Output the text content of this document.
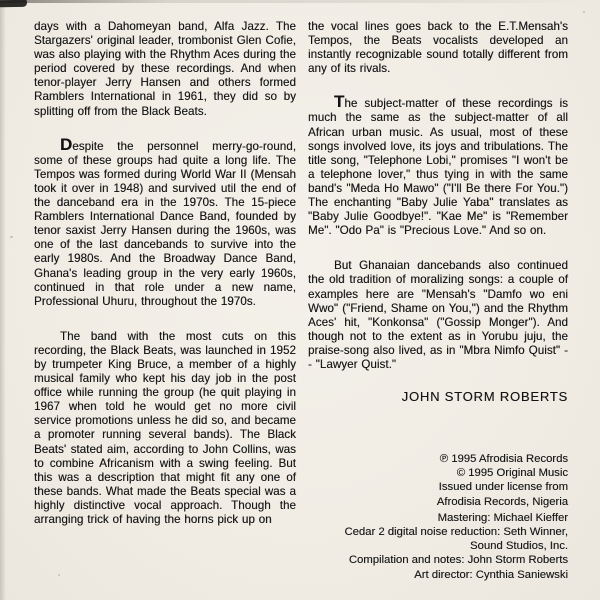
days with a Dahomeyan band, Alfa Jazz. The Stargazers' original leader, trombonist Glen Cofie, was also playing with the Rhythm Aces during the period covered by these recordings. And when tenor-player Jerry Hansen and others formed Ramblers International in 1961, they did so by splitting off from the Black Beats.

Despite the personnel merry-go-round, some of these groups had quite a long life. The Tempos was formed during World War II (Mensah took it over in 1948) and survived util the end of the danceband era in the 1970s. The 15-piece Ramblers International Dance Band, founded by tenor saxist Jerry Hansen during the 1960s, was one of the last dancebands to survive into the early 1980s. And the Broadway Dance Band, Ghana's leading group in the very early 1960s, continued in that role under a new name, Professional Uhuru, throughout the 1970s.

The band with the most cuts on this recording, the Black Beats, was launched in 1952 by trumpeter King Bruce, a member of a highly musical family who kept his day job in the post office while running the group (he quit playing in 1967 when told he would get no more civil service promotions unless he did so, and became a promoter running several bands). The Black Beats' stated aim, according to John Collins, was to combine Africanism with a swing feeling. But this was a description that might fit any one of these bands. What made the Beats special was a highly distinctive vocal approach. Though the arranging trick of having the horns pick up on

the vocal lines goes back to the E.T.Mensah's Tempos, the Beats vocalists developed an instantly recognizable sound totally different from any of its rivals.

The subject-matter of these recordings is much the same as the subject-matter of all African urban music. As usual, most of these songs involved love, its joys and tribulations. The title song, "Telephone Lobi," promises "I won't be a telephone lover," thus tying in with the same band's "Meda Ho Mawo" ("I'll Be there For You.") The enchanting "Baby Julie Yaba" translates as "Baby Julie Goodbye!". "Kae Me" is "Remember Me". "Odo Pa" is "Precious Love." And so on.

But Ghanaian dancebands also continued the old tradition of moralizing songs: a couple of examples here are "Mensah's "Damfo wo eni Wwo" ("Friend, Shame on You,") and the Rhythm Aces' hit, "Konkonsa" ("Gossip Monger"). And though not to the extent as in Yorubu juju, the praise-song also lived, as in "Mbra Nimfo Quist" -- "Lawyer Quist."

JOHN STORM ROBERTS
℗ 1995 Afrodisia Records
© 1995 Original Music
Issued under license from
Afrodisia Records, Nigeria
Mastering: Michael Kieffer
Cedar 2 digital noise reduction: Seth Winner,
Sound Studios, Inc.
Compilation and notes: John Storm Roberts
Art director: Cynthia Saniewski
